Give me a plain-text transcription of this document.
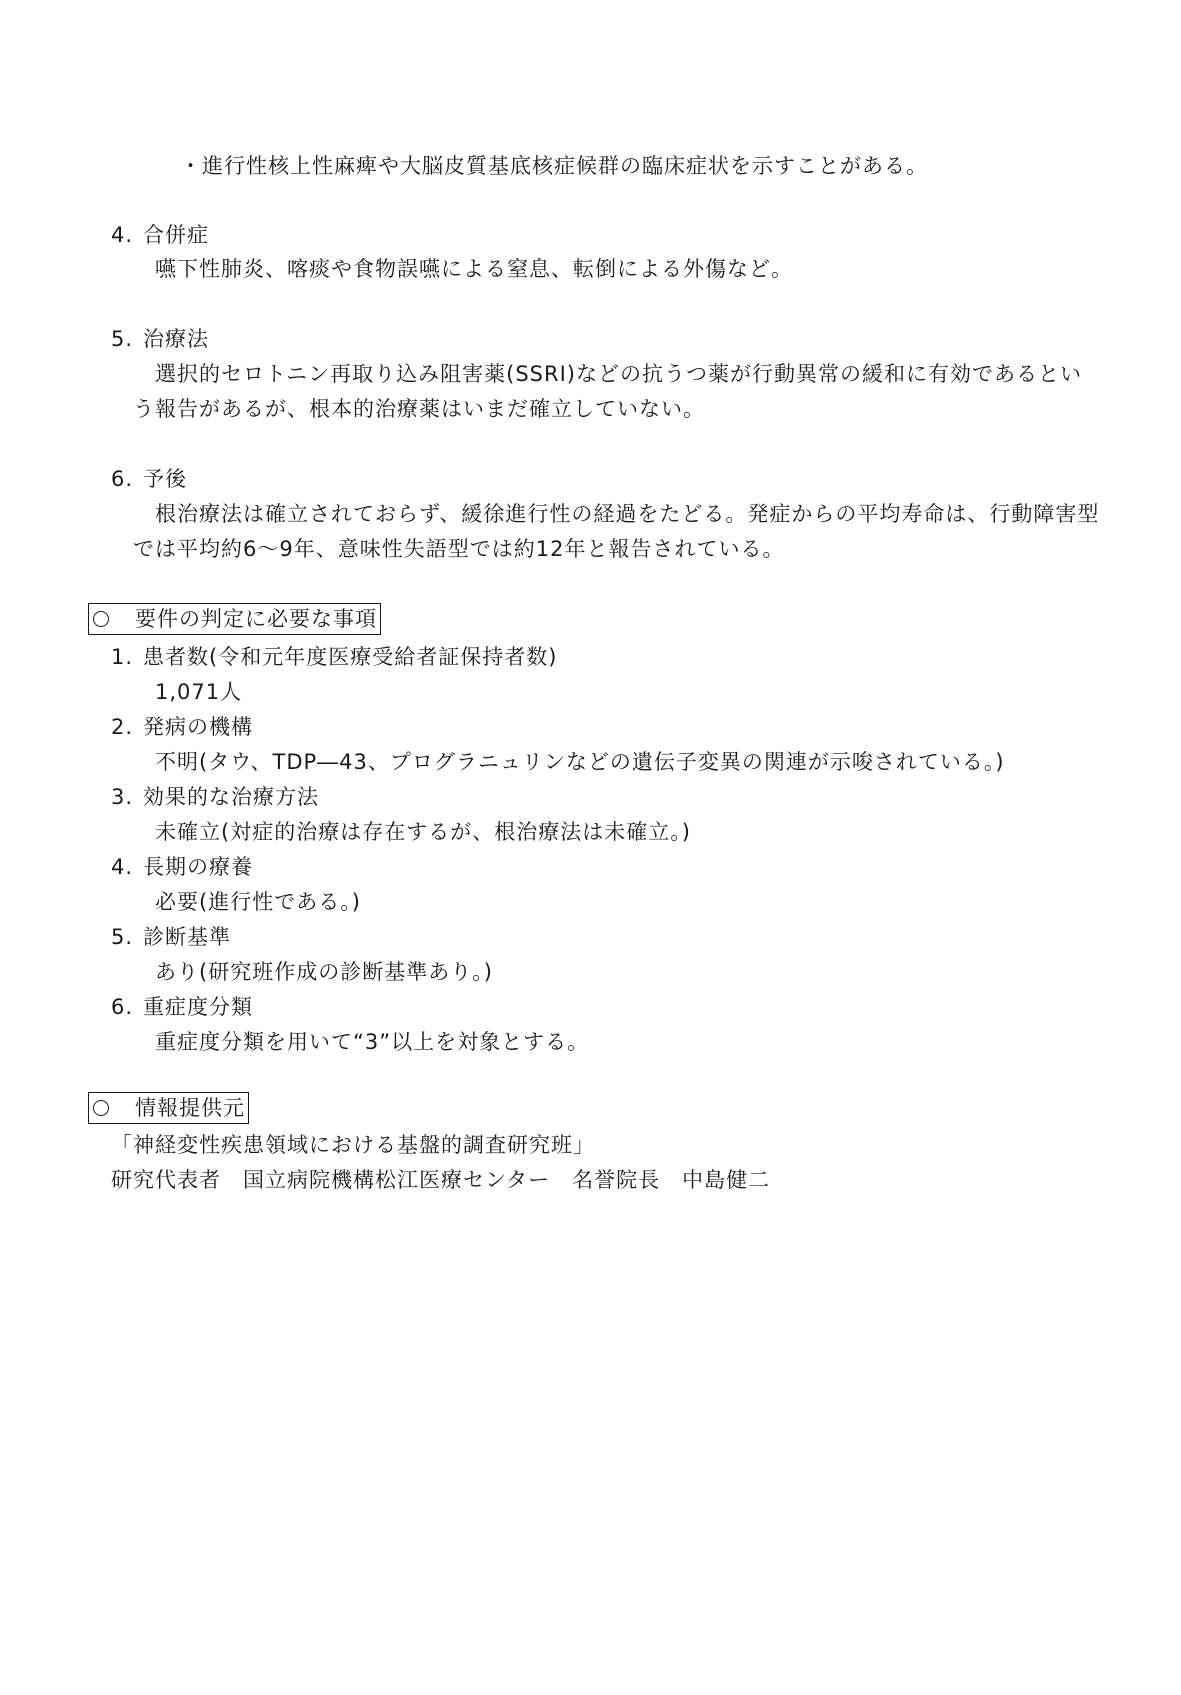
・進行性核上性麻痺や大脳皮質基底核症候群の臨床症状を示すことがある。
4. 合併症
嚥下性肺炎、喀痰や食物誤嚥による窒息、転倒による外傷など。
5. 治療法
選択的セロトニン再取り込み阻害薬(SSRI)などの抗うつ薬が行動異常の緩和に有効であるとい
う報告があるが、根本的治療薬はいまだ確立していない。
6. 予後
根治療法は確立されておらず、緩徐進行性の経過をたどる。発症からの平均寿命は、行動障害型
では平均約6～9年、意味性失語型では約12年と報告されている。
要件の判定に必要な事項
1. 患者数(令和元年度医療受給者証保持者数)
1,071人
2. 発病の機構
不明(タウ、TDP―43、プログラニュリンなどの遺伝子変異の関連が示唆されている。)
3. 効果的な治療方法
未確立(対症的治療は存在するが、根治療法は未確立。)
4. 長期の療養
必要(進行性である。)
5. 診断基準
あり(研究班作成の診断基準あり。)
6. 重症度分類
重症度分類を用いて“3”以上を対象とする。
情報提供元
「神経変性疾患領域における基盤的調査研究班」
研究代表者　国立病院機構松江医療センター　名誉院長　中島健二
